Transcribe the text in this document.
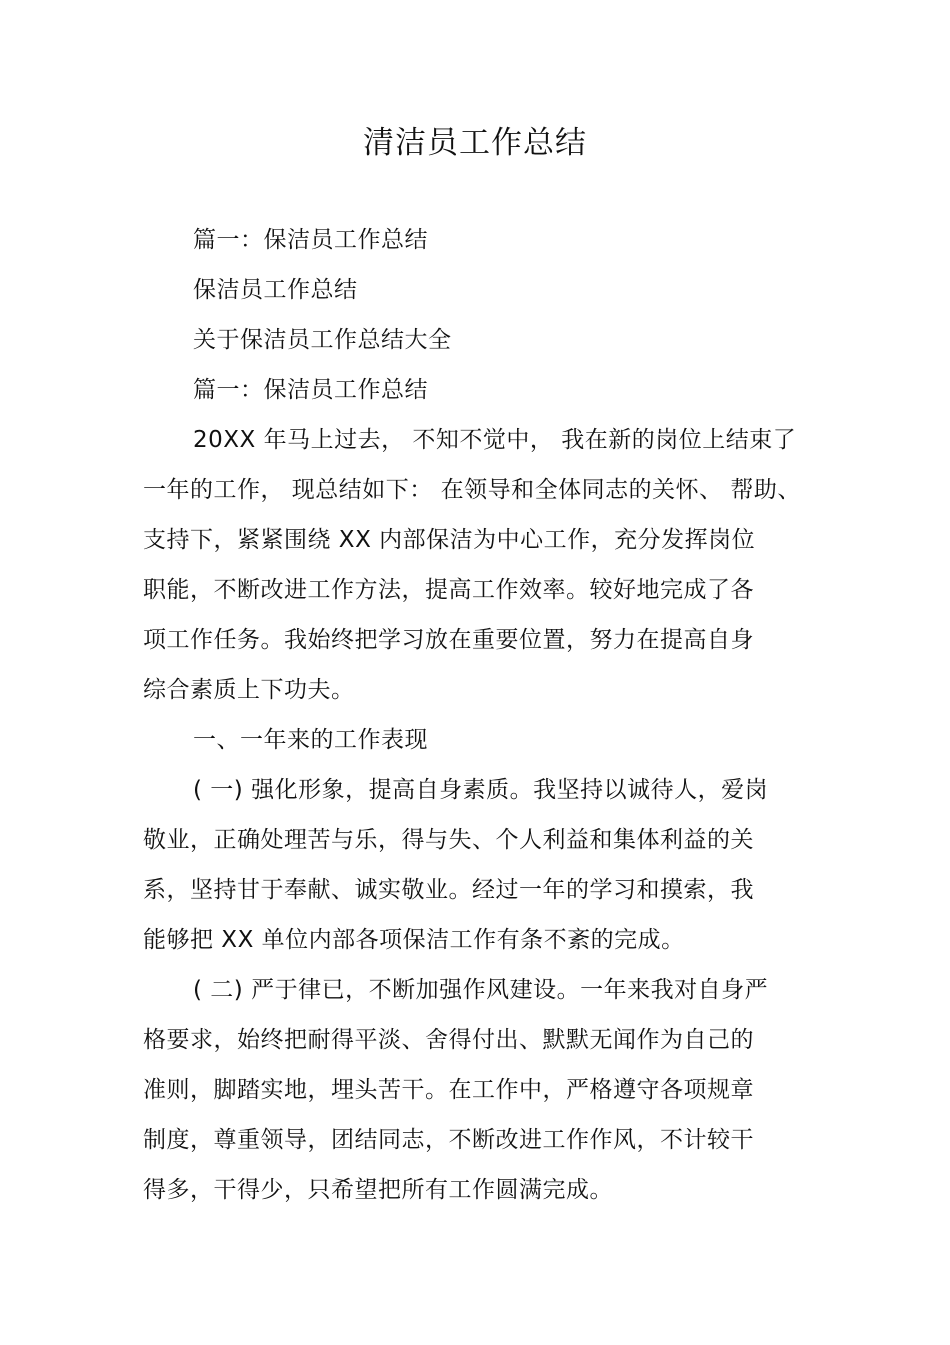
清洁员工作总结
篇一：保洁员工作总结
保洁员工作总结
关于保洁员工作总结大全
篇一：保洁员工作总结
20XX 年马上过去， 不知不觉中， 我在新的岗位上结束了
一年的工作， 现总结如下： 在领导和全体同志的关怀、 帮助、
支持下，紧紧围绕 XX 内部保洁为中心工作，充分发挥岗位
职能，不断改进工作方法，提高工作效率。较好地完成了各
项工作任务。我始终把学习放在重要位置，努力在提高自身
综合素质上下功夫。
一、一年来的工作表现
( 一) 强化形象，提高自身素质。我坚持以诚待人，爱岗
敬业，正确处理苦与乐，得与失、个人利益和集体利益的关
系，坚持甘于奉献、诚实敬业。经过一年的学习和摸索，我
能够把 XX 单位内部各项保洁工作有条不紊的完成。
( 二) 严于律已，不断加强作风建设。一年来我对自身严
格要求，始终把耐得平淡、舍得付出、默默无闻作为自己的
准则，脚踏实地，埋头苦干。在工作中，严格遵守各项规章
制度，尊重领导，团结同志，不断改进工作作风，不计较干
得多，干得少，只希望把所有工作圆满完成。
